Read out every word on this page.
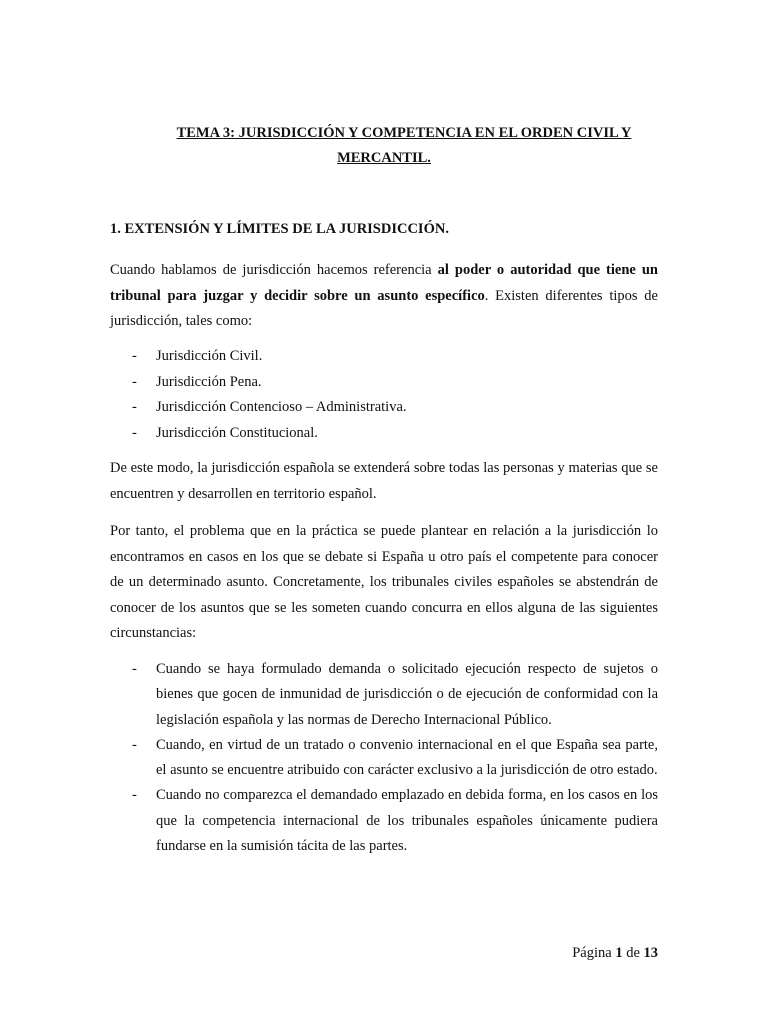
TEMA 3: JURISDICCIÓN Y COMPETENCIA EN EL ORDEN CIVIL Y
MERCANTIL.
1. EXTENSIÓN Y LÍMITES DE LA JURISDICCIÓN.
Cuando hablamos de jurisdicción hacemos referencia al poder o autoridad que tiene un tribunal para juzgar y decidir sobre un asunto específico. Existen diferentes tipos de jurisdicción, tales como:
- Jurisdicción Civil.
- Jurisdicción Pena.
- Jurisdicción Contencioso – Administrativa.
- Jurisdicción Constitucional.
De este modo, la jurisdicción española se extenderá sobre todas las personas y materias que se encuentren y desarrollen en territorio español.
Por tanto, el problema que en la práctica se puede plantear en relación a la jurisdicción lo encontramos en casos en los que se debate si España u otro país el competente para conocer de un determinado asunto. Concretamente, los tribunales civiles españoles se abstendrán de conocer de los asuntos que se les someten cuando concurra en ellos alguna de las siguientes circunstancias:
- Cuando se haya formulado demanda o solicitado ejecución respecto de sujetos o bienes que gocen de inmunidad de jurisdicción o de ejecución de conformidad con la legislación española y las normas de Derecho Internacional Público.
- Cuando, en virtud de un tratado o convenio internacional en el que España sea parte, el asunto se encuentre atribuido con carácter exclusivo a la jurisdicción de otro estado.
- Cuando no comparezca el demandado emplazado en debida forma, en los casos en los que la competencia internacional de los tribunales españoles únicamente pudiera fundarse en la sumisión tácita de las partes.
Página 1 de 13
